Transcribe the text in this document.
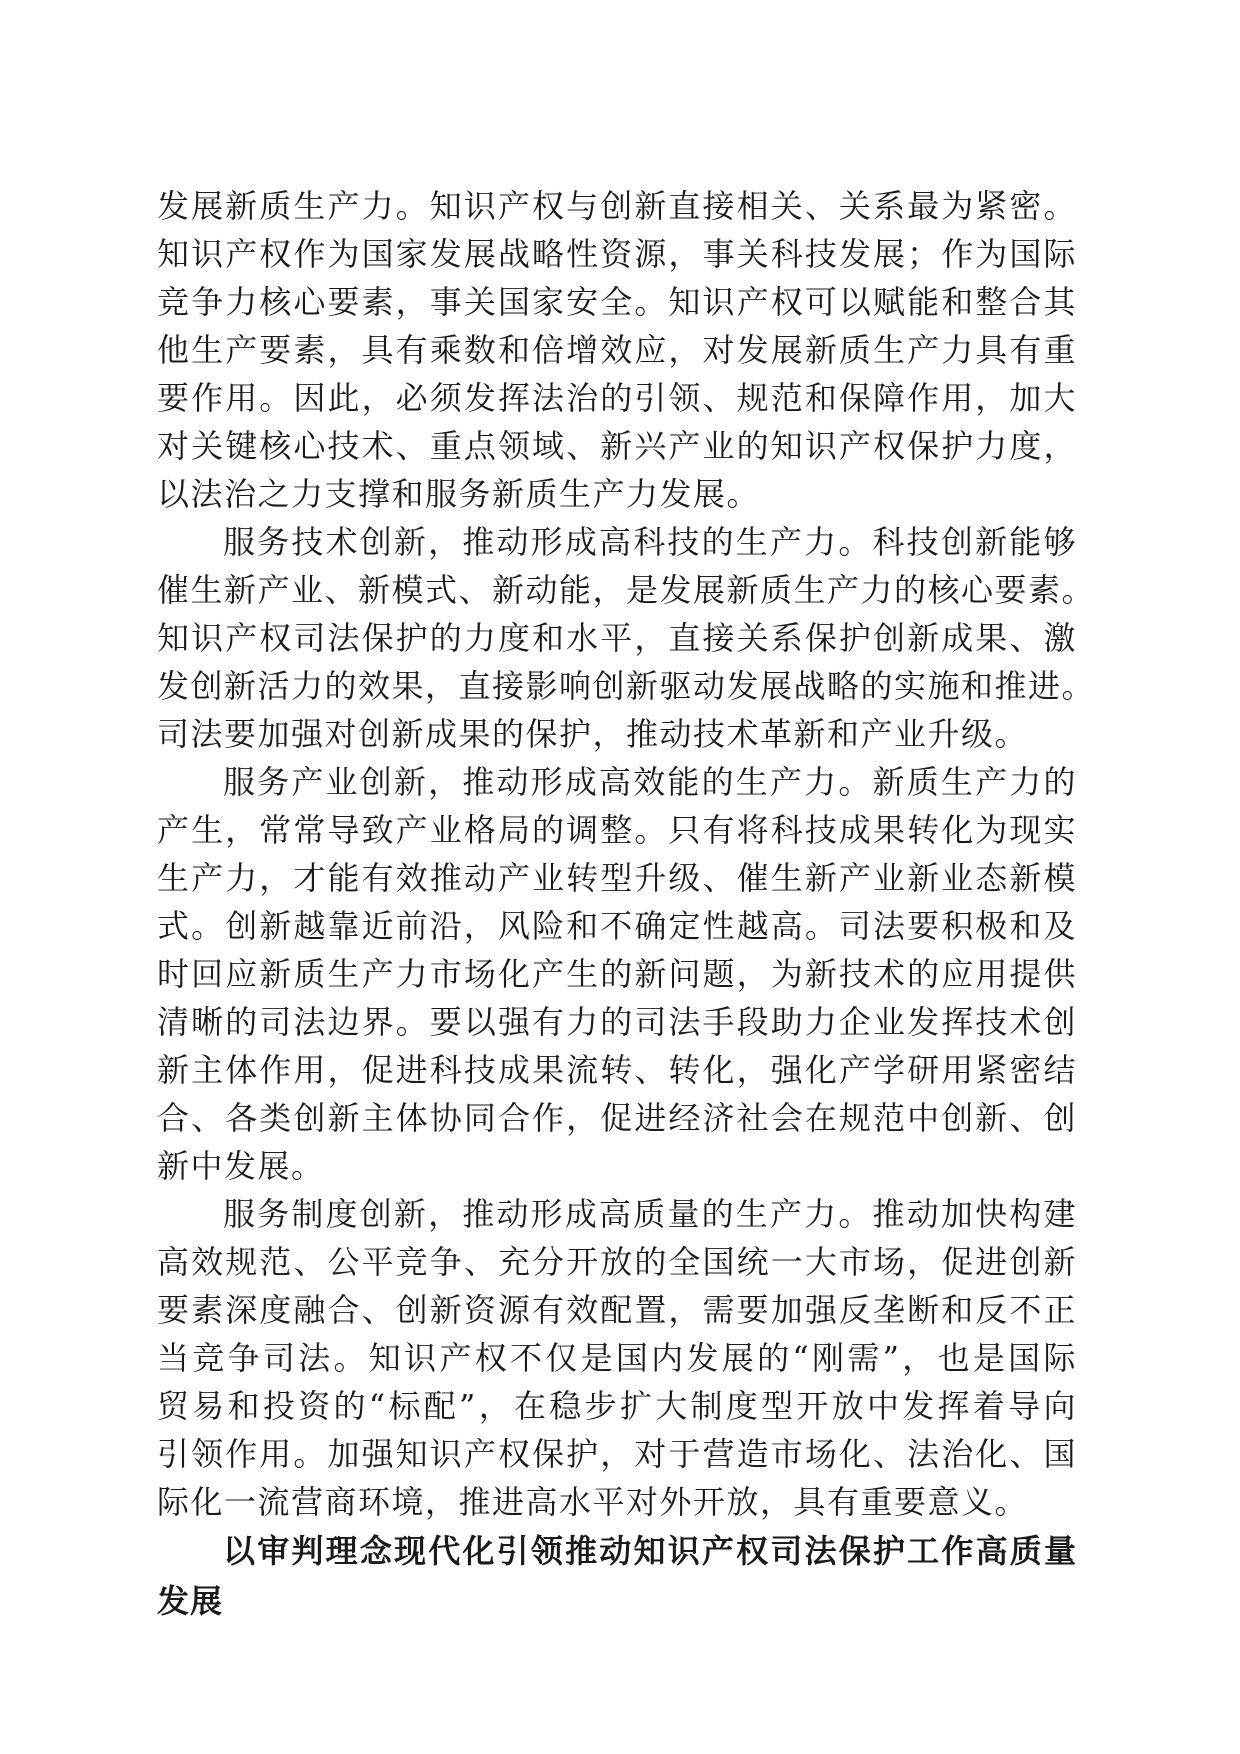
发展新质生产力。知识产权与创新直接相关、关系最为紧密。
知识产权作为国家发展战略性资源，事关科技发展；作为国际
竞争力核心要素，事关国家安全。知识产权可以赋能和整合其
他生产要素，具有乘数和倍增效应，对发展新质生产力具有重
要作用。因此，必须发挥法治的引领、规范和保障作用，加大
对关键核心技术、重点领域、新兴产业的知识产权保护力度，
以法治之力支撑和服务新质生产力发展。
服务技术创新，推动形成高科技的生产力。科技创新能够
催生新产业、新模式、新动能，是发展新质生产力的核心要素。
知识产权司法保护的力度和水平，直接关系保护创新成果、激
发创新活力的效果，直接影响创新驱动发展战略的实施和推进。
司法要加强对创新成果的保护，推动技术革新和产业升级。
服务产业创新，推动形成高效能的生产力。新质生产力的
产生，常常导致产业格局的调整。只有将科技成果转化为现实
生产力，才能有效推动产业转型升级、催生新产业新业态新模
式。创新越靠近前沿，风险和不确定性越高。司法要积极和及
时回应新质生产力市场化产生的新问题，为新技术的应用提供
清晰的司法边界。要以强有力的司法手段助力企业发挥技术创
新主体作用，促进科技成果流转、转化，强化产学研用紧密结
合、各类创新主体协同合作，促进经济社会在规范中创新、创
新中发展。
服务制度创新，推动形成高质量的生产力。推动加快构建
高效规范、公平竞争、充分开放的全国统一大市场，促进创新
要素深度融合、创新资源有效配置，需要加强反垄断和反不正
当竞争司法。知识产权不仅是国内发展的“刚需”，也是国际
贸易和投资的“标配”，在稳步扩大制度型开放中发挥着导向
引领作用。加强知识产权保护，对于营造市场化、法治化、国
际化一流营商环境，推进高水平对外开放，具有重要意义。
以审判理念现代化引领推动知识产权司法保护工作高质量
发展
